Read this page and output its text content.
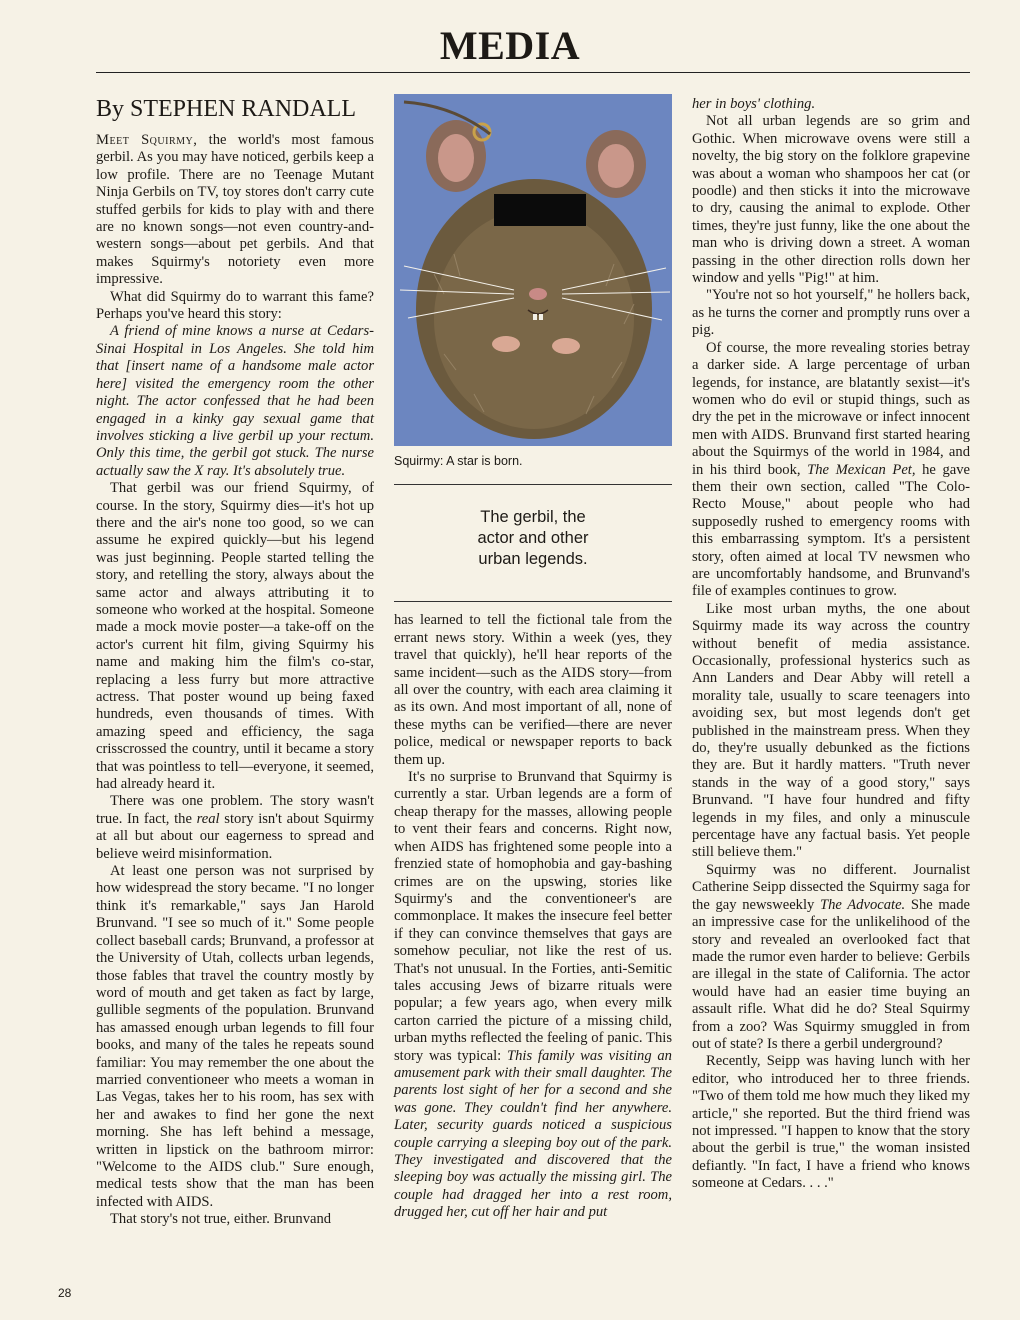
MEDIA
By STEPHEN RANDALL

Meet Squirmy, the world's most famous gerbil. As you may have noticed, gerbils keep a low profile. There are no Teenage Mutant Ninja Gerbils on TV, toy stores don't carry cute stuffed gerbils for kids to play with and there are no known songs—not even country-and-western songs—about pet gerbils. And that makes Squirmy's notoriety even more impressive.

What did Squirmy do to warrant this fame? Perhaps you've heard this story:

A friend of mine knows a nurse at Cedars-Sinai Hospital in Los Angeles. She told him that [insert name of a handsome male actor here] visited the emergency room the other night. The actor confessed that he had been engaged in a kinky gay sexual game that involves sticking a live gerbil up your rectum. Only this time, the gerbil got stuck. The nurse actually saw the X ray. It's absolutely true.

That gerbil was our friend Squirmy, of course. In the story, Squirmy dies—it's hot up there and the air's none too good, so we can assume he expired quickly—but his legend was just beginning. People started telling the story, and retelling the story, always about the same actor and always attributing it to someone who worked at the hospital. Someone made a mock movie poster—a take-off on the actor's current hit film, giving Squirmy his name and making him the film's co-star, replacing a less furry but more attractive actress. That poster wound up being faxed hundreds, even thousands of times. With amazing speed and efficiency, the saga crisscrossed the country, until it became a story that was pointless to tell—everyone, it seemed, had already heard it.

There was one problem. The story wasn't true. In fact, the real story isn't about Squirmy at all but about our eagerness to spread and believe weird misinformation.

At least one person was not surprised by how widespread the story became. "I no longer think it's remarkable," says Jan Harold Brunvand. "I see so much of it." Some people collect baseball cards; Brunvand, a professor at the University of Utah, collects urban legends, those fables that travel the country mostly by word of mouth and get taken as fact by large, gullible segments of the population. Brunvand has amassed enough urban legends to fill four books, and many of the tales he repeats sound familiar: You may remember the one about the married conventioneer who meets a woman in Las Vegas, takes her to his room, has sex with her and awakes to find her gone the next morning. She has left behind a message, written in lipstick on the bathroom mirror: "Welcome to the AIDS club." Sure enough, medical tests show that the man has been infected with AIDS.

That story's not true, either. Brunvand

Squirmy: A star is born.
The gerbil, the
actor and other
urban legends.

has learned to tell the fictional tale from the errant news story. Within a week (yes, they travel that quickly), he'll hear reports of the same incident—such as the AIDS story—from all over the country, with each area claiming it as its own. And most important of all, none of these myths can be verified—there are never police, medical or newspaper reports to back them up.

It's no surprise to Brunvand that Squirmy is currently a star. Urban legends are a form of cheap therapy for the masses, allowing people to vent their fears and concerns. Right now, when AIDS has frightened some people into a frenzied state of homophobia and gay-bashing crimes are on the upswing, stories like Squirmy's and the conventioneer's are commonplace. It makes the insecure feel better if they can convince themselves that gays are somehow peculiar, not like the rest of us. That's not unusual. In the Forties, anti-Semitic tales accusing Jews of bizarre rituals were popular; a few years ago, when every milk carton carried the picture of a missing child, urban myths reflected the feeling of panic. This story was typical: This family was visiting an amusement park with their small daughter. The parents lost sight of her for a second and she was gone. They couldn't find her anywhere. Later, security guards noticed a suspicious couple carrying a sleeping boy out of the park. They investigated and discovered that the sleeping boy was actually the missing girl. The couple had dragged her into a rest room, drugged her, cut off her hair and put

her in boys' clothing.

Not all urban legends are so grim and Gothic. When microwave ovens were still a novelty, the big story on the folklore grapevine was about a woman who shampoos her cat (or poodle) and then sticks it into the microwave to dry, causing the animal to explode. Other times, they're just funny, like the one about the man who is driving down a street. A woman passing in the other direction rolls down her window and yells "Pig!" at him.

"You're not so hot yourself," he hollers back, as he turns the corner and promptly runs over a pig.

Of course, the more revealing stories betray a darker side. A large percentage of urban legends, for instance, are blatantly sexist—it's women who do evil or stupid things, such as dry the pet in the microwave or infect innocent men with AIDS. Brunvand first started hearing about the Squirmys of the world in 1984, and in his third book, The Mexican Pet, he gave them their own section, called "The Colo-Recto Mouse," about people who had supposedly rushed to emergency rooms with this embarrassing symptom. It's a persistent story, often aimed at local TV newsmen who are uncomfortably handsome, and Brunvand's file of examples continues to grow.

Like most urban myths, the one about Squirmy made its way across the country without benefit of media assistance. Occasionally, professional hysterics such as Ann Landers and Dear Abby will retell a morality tale, usually to scare teenagers into avoiding sex, but most legends don't get published in the mainstream press. When they do, they're usually debunked as the fictions they are. But it hardly matters. "Truth never stands in the way of a good story," says Brunvand. "I have four hundred and fifty legends in my files, and only a minuscule percentage have any factual basis. Yet people still believe them."

Squirmy was no different. Journalist Catherine Seipp dissected the Squirmy saga for the gay newsweekly The Advocate. She made an impressive case for the unlikelihood of the story and revealed an overlooked fact that made the rumor even harder to believe: Gerbils are illegal in the state of California. The actor would have had an easier time buying an assault rifle. What did he do? Steal Squirmy from a zoo? Was Squirmy smuggled in from out of state? Is there a gerbil underground?

Recently, Seipp was having lunch with her editor, who introduced her to three friends. "Two of them told me how much they liked my article," she reported. But the third friend was not impressed. "I happen to know that the story about the gerbil is true," the woman insisted defiantly. "In fact, I have a friend who knows someone at Cedars. . . ."

28
